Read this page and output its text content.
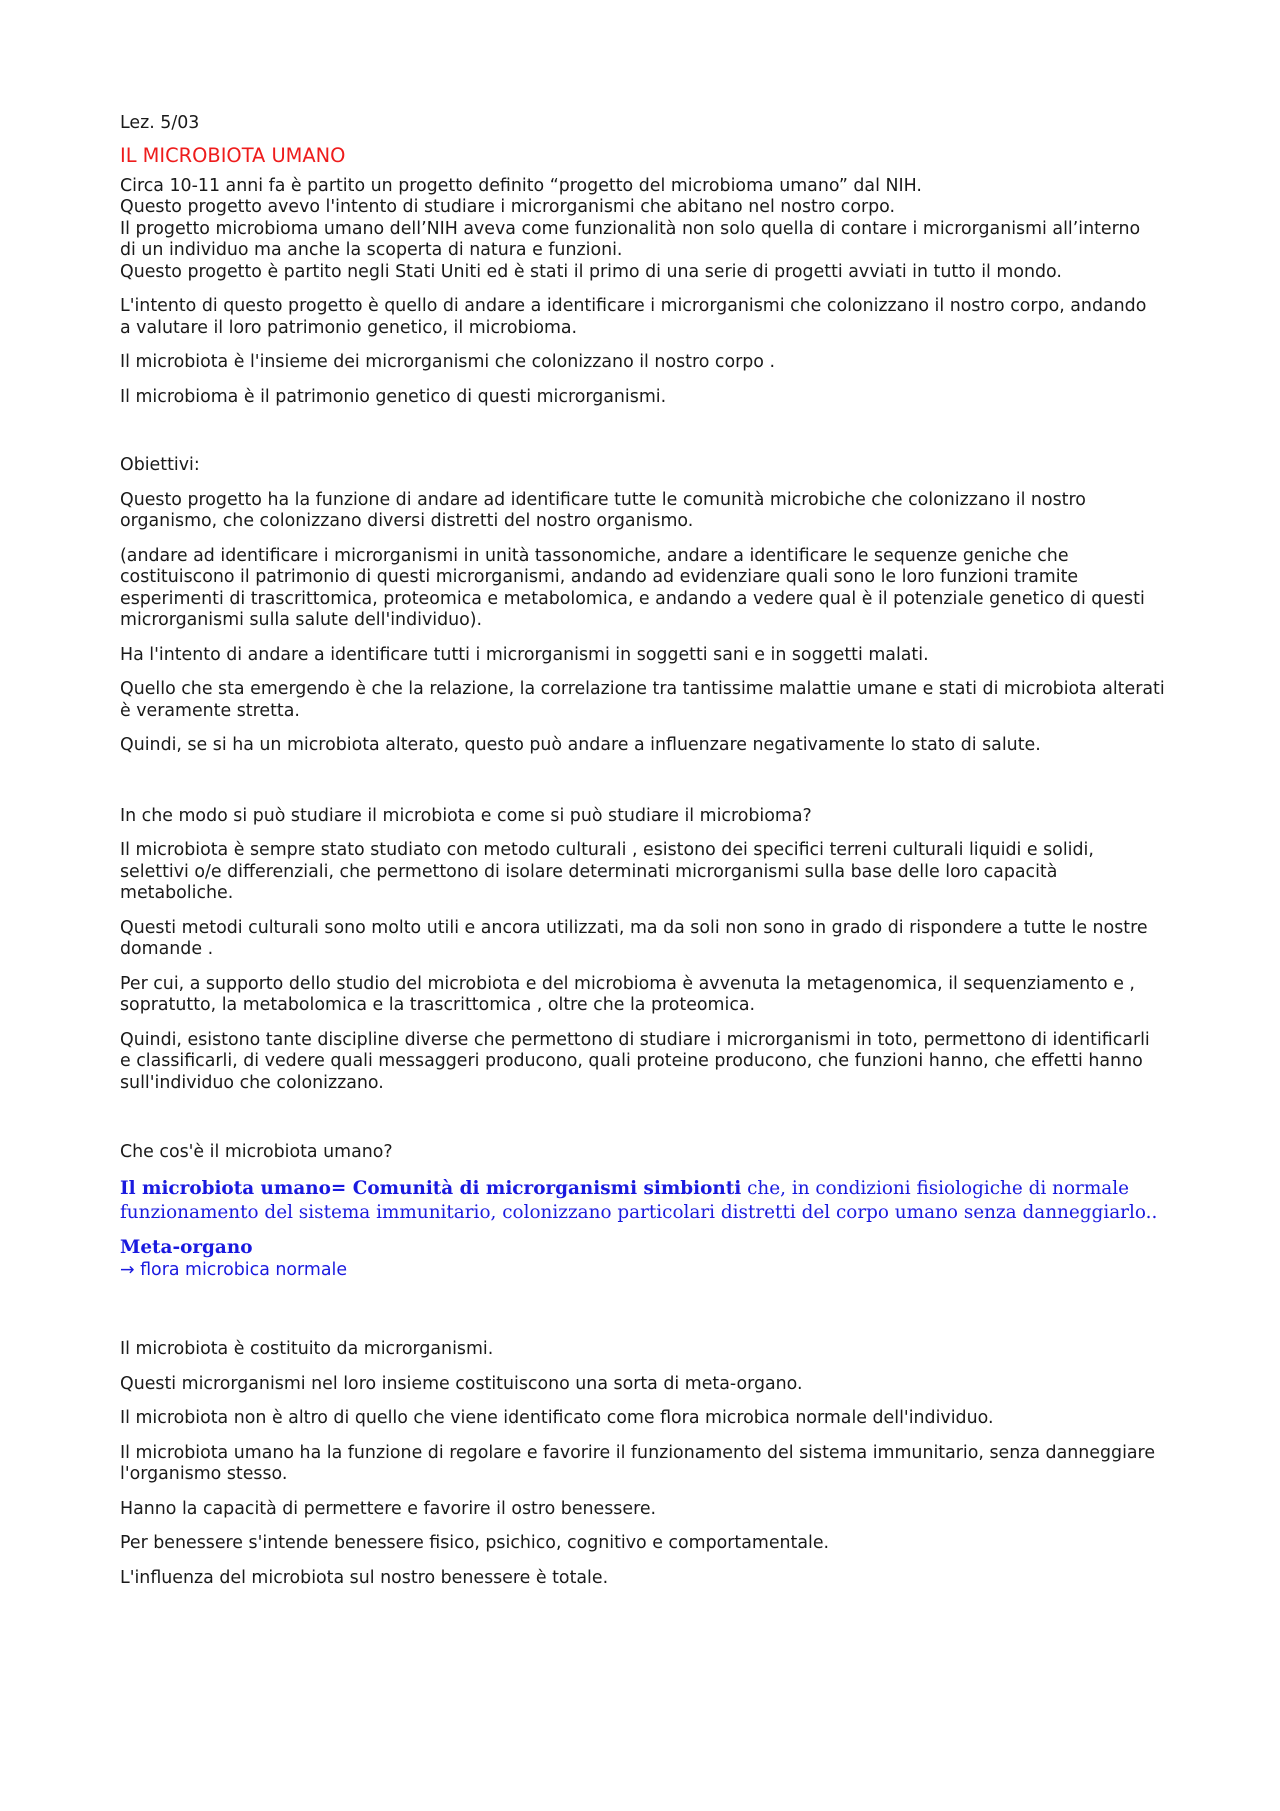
Lez. 5/03
IL MICROBIOTA UMANO

Circa 10-11 anni fa è partito un progetto definito “progetto del microbioma umano” dal NIH.
Questo progetto avevo l'intento di studiare i microrganismi che abitano nel nostro corpo.
Il progetto microbioma umano dell’NIH aveva come funzionalità non solo quella di contare i microrganismi all’interno
di un individuo ma anche la scoperta di natura e funzioni.
Questo progetto è partito negli Stati Uniti ed è stati il primo di una serie di progetti avviati in tutto il mondo.

L'intento di questo progetto è quello di andare a identificare i microrganismi che colonizzano il nostro corpo, andando
a valutare il loro patrimonio genetico, il microbioma.

Il microbiota è l'insieme dei microrganismi che colonizzano il nostro corpo .

Il microbioma è il patrimonio genetico di questi microrganismi.

Obiettivi:

Questo progetto ha la funzione di andare ad identificare tutte le comunità microbiche che colonizzano il nostro
organismo, che colonizzano diversi distretti del nostro organismo.

(andare ad identificare i microrganismi in unità tassonomiche, andare a identificare le sequenze geniche che
costituiscono il patrimonio di questi microrganismi, andando ad evidenziare quali sono le loro funzioni tramite
esperimenti di trascrittomica, proteomica e metabolomica, e andando a vedere qual è il potenziale genetico di questi
microrganismi sulla salute dell'individuo).

Ha l'intento di andare a identificare tutti i microrganismi in soggetti sani e in soggetti malati.

Quello che sta emergendo è che la relazione, la correlazione tra tantissime malattie umane e stati di microbiota alterati
è veramente stretta.

Quindi, se si ha un microbiota alterato, questo può andare a influenzare negativamente lo stato di salute.

In che modo si può studiare il microbiota e come si può studiare il microbioma?

Il microbiota è sempre stato studiato con metodo culturali , esistono dei specifici terreni culturali liquidi e solidi,
selettivi o/e differenziali, che permettono di isolare determinati microrganismi sulla base delle loro capacità
metaboliche.

Questi metodi culturali sono molto utili e ancora utilizzati, ma da soli non sono in grado di rispondere a tutte le nostre
domande .

Per cui, a supporto dello studio del microbiota e del microbioma è avvenuta la metagenomica, il sequenziamento e ,
sopratutto, la metabolomica e la trascrittomica , oltre che la proteomica.

Quindi, esistono tante discipline diverse che permettono di studiare i microrganismi in toto, permettono di identificarli
e classificarli, di vedere quali messaggeri producono, quali proteine producono, che funzioni hanno, che effetti hanno
sull'individuo che colonizzano.

Che cos'è il microbiota umano?

Il microbiota umano= Comunità di microrganismi simbionti che, in condizioni fisiologiche di normale
funzionamento del sistema immunitario, colonizzano particolari distretti del corpo umano senza danneggiarlo..

Meta-organo
→ flora microbica normale

Il microbiota è costituito da microrganismi.

Questi microrganismi nel loro insieme costituiscono una sorta di meta-organo.

Il microbiota non è altro di quello che viene identificato come flora microbica normale dell'individuo.

Il microbiota umano ha la funzione di regolare e favorire il funzionamento del sistema immunitario, senza danneggiare
l'organismo stesso.

Hanno la capacità di permettere e favorire il ostro benessere.

Per benessere s'intende benessere fisico, psichico, cognitivo e comportamentale.

L'influenza del microbiota sul nostro benessere è totale.
